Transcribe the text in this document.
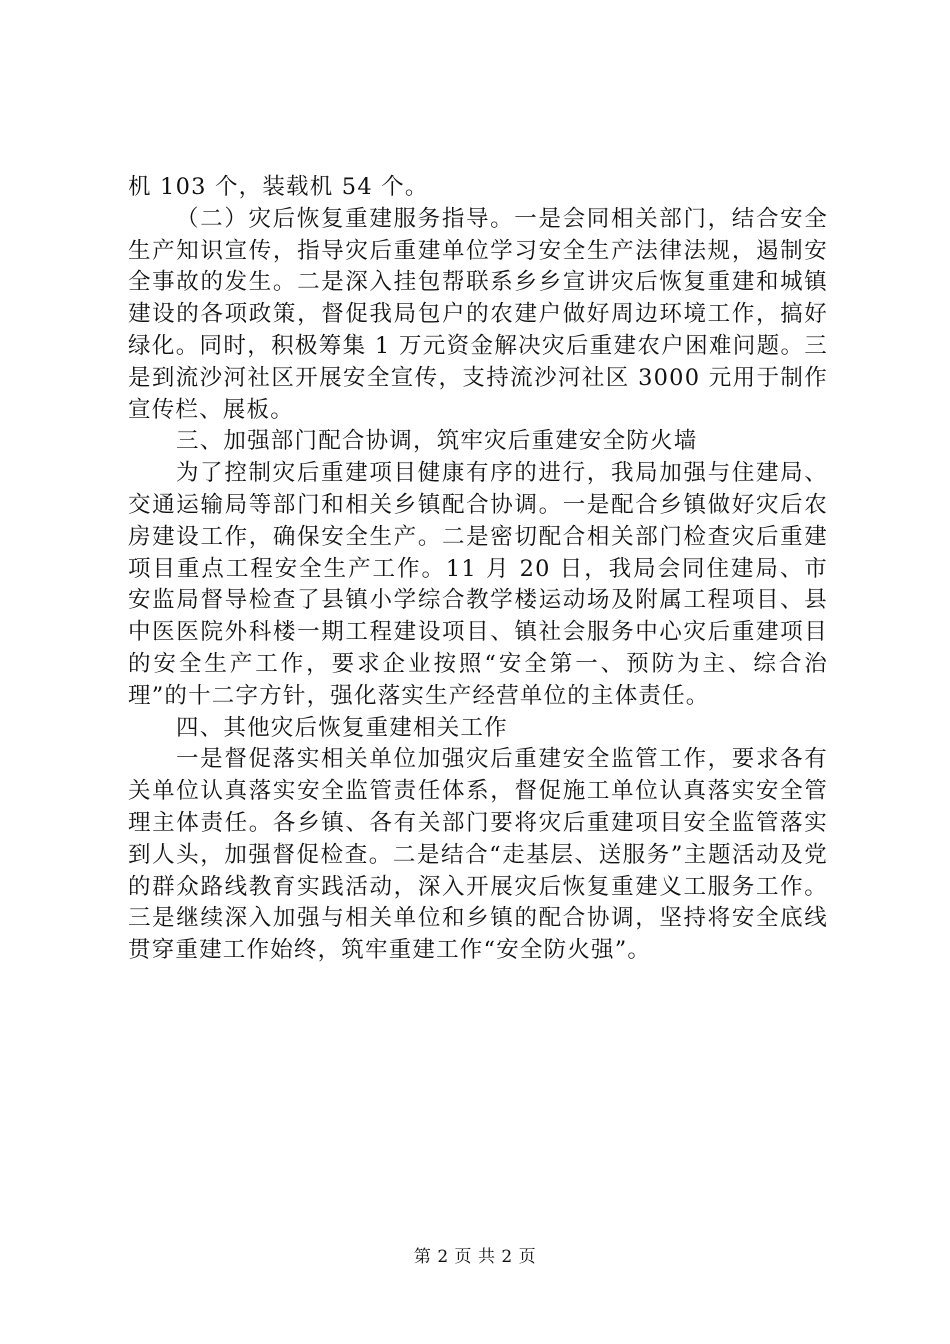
机 103 个，装载机 54 个。

（二）灾后恢复重建服务指导。一是会同相关部门，结合安全生产知识宣传，指导灾后重建单位学习安全生产法律法规，遏制安全事故的发生。二是深入挂包帮联系乡乡宣讲灾后恢复重建和城镇建设的各项政策，督促我局包户的农建户做好周边环境工作，搞好绿化。同时，积极筹集 1 万元资金解决灾后重建农户困难问题。三是到流沙河社区开展安全宣传，支持流沙河社区 3000 元用于制作宣传栏、展板。

三、加强部门配合协调，筑牢灾后重建安全防火墙

为了控制灾后重建项目健康有序的进行，我局加强与住建局、交通运输局等部门和相关乡镇配合协调。一是配合乡镇做好灾后农房建设工作，确保安全生产。二是密切配合相关部门检查灾后重建项目重点工程安全生产工作。11 月 20 日，我局会同住建局、市安监局督导检查了县镇小学综合教学楼运动场及附属工程项目、县中医医院外科楼一期工程建设项目、镇社会服务中心灾后重建项目的安全生产工作，要求企业按照“安全第一、预防为主、综合治理”的十二字方针，强化落实生产经营单位的主体责任。

四、其他灾后恢复重建相关工作

一是督促落实相关单位加强灾后重建安全监管工作，要求各有关单位认真落实安全监管责任体系，督促施工单位认真落实安全管理主体责任。各乡镇、各有关部门要将灾后重建项目安全监管落实到人头，加强督促检查。二是结合“走基层、送服务”主题活动及党的群众路线教育实践活动，深入开展灾后恢复重建义工服务工作。三是继续深入加强与相关单位和乡镇的配合协调，坚持将安全底线贯穿重建工作始终，筑牢重建工作“安全防火强”。

第 2 页 共 2 页
